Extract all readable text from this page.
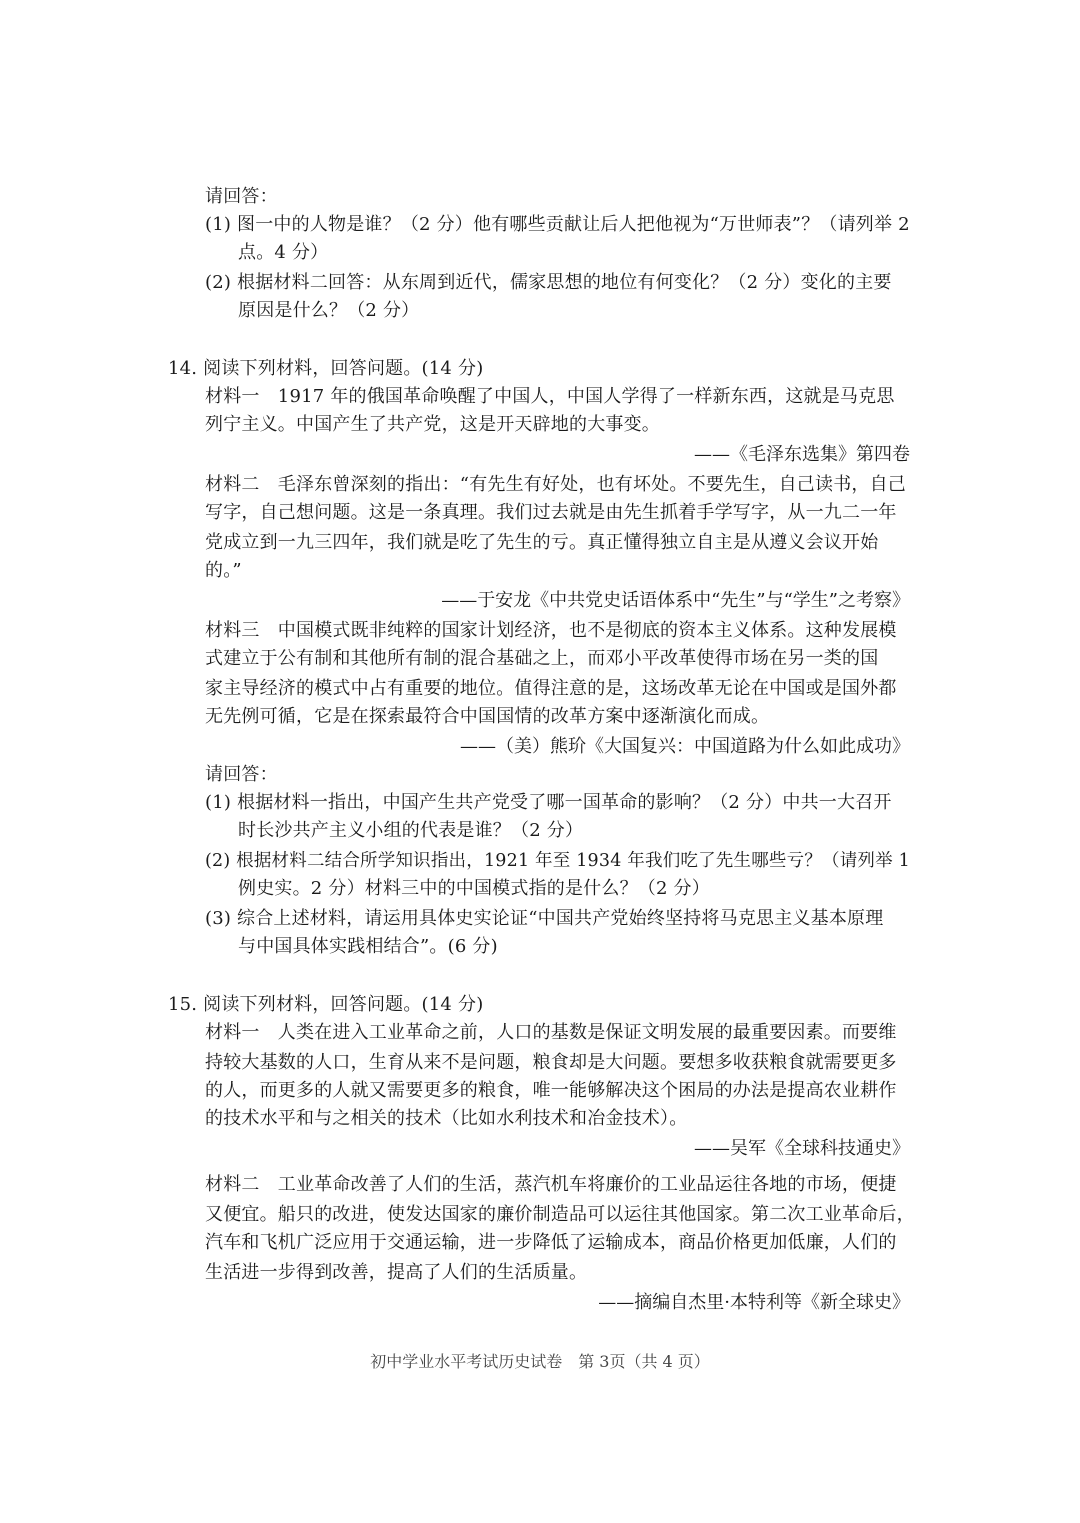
请回答：
(1) 图一中的人物是谁？（2 分）他有哪些贡献让后人把他视为“万世师表”？（请列举 2
点。4 分）
(2) 根据材料二回答：从东周到近代，儒家思想的地位有何变化？（2 分）变化的主要
原因是什么？（2 分）
14. 阅读下列材料，回答问题。(14 分)
材料一　1917 年的俄国革命唤醒了中国人，中国人学得了一样新东西，这就是马克思
列宁主义。中国产生了共产党，这是开天辟地的大事变。
——《毛泽东选集》第四卷
材料二　毛泽东曾深刻的指出：“有先生有好处，也有坏处。不要先生，自己读书，自己
写字，自己想问题。这是一条真理。我们过去就是由先生抓着手学写字，从一九二一年
党成立到一九三四年，我们就是吃了先生的亏。真正懂得独立自主是从遵义会议开始
的。”
——于安龙《中共党史话语体系中“先生”与“学生”之考察》
材料三　中国模式既非纯粹的国家计划经济，也不是彻底的资本主义体系。这种发展模
式建立于公有制和其他所有制的混合基础之上，而邓小平改革使得市场在另一类的国
家主导经济的模式中占有重要的地位。值得注意的是，这场改革无论在中国或是国外都
无先例可循，它是在探索最符合中国国情的改革方案中逐渐演化而成。
——（美）熊玠《大国复兴：中国道路为什么如此成功》
请回答：
(1) 根据材料一指出，中国产生共产党受了哪一国革命的影响？（2 分）中共一大召开
时长沙共产主义小组的代表是谁？（2 分）
(2) 根据材料二结合所学知识指出，1921 年至 1934 年我们吃了先生哪些亏？（请列举 1
例史实。2 分）材料三中的中国模式指的是什么？（2 分）
(3) 综合上述材料，请运用具体史实论证“中国共产党始终坚持将马克思主义基本原理
与中国具体实践相结合”。(6 分)
15. 阅读下列材料，回答问题。(14 分)
材料一　人类在进入工业革命之前，人口的基数是保证文明发展的最重要因素。而要维
持较大基数的人口，生育从来不是问题，粮食却是大问题。要想多收获粮食就需要更多
的人，而更多的人就又需要更多的粮食，唯一能够解决这个困局的办法是提高农业耕作
的技术水平和与之相关的技术（比如水利技术和冶金技术）。
——吴军《全球科技通史》
材料二　工业革命改善了人们的生活，蒸汽机车将廉价的工业品运往各地的市场，便捷
又便宜。船只的改进，使发达国家的廉价制造品可以运往其他国家。第二次工业革命后，
汽车和飞机广泛应用于交通运输，进一步降低了运输成本，商品价格更加低廉，人们的
生活进一步得到改善，提高了人们的生活质量。
——摘编自杰里·本特利等《新全球史》
初中学业水平考试历史试卷　第 3页（共 4 页）
